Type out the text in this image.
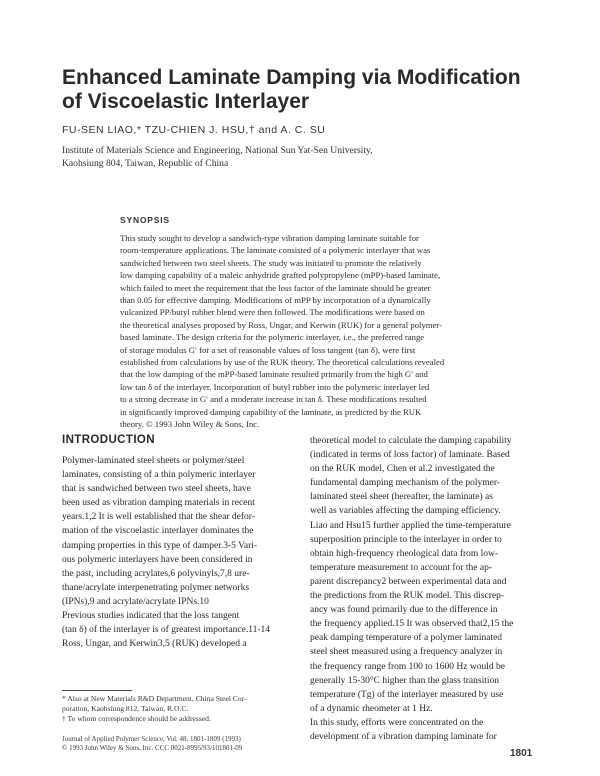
Enhanced Laminate Damping via Modification
of Viscoelastic Interlayer
FU-SEN LIAO,* TZU-CHIEN J. HSU,† and A. C. SU
Institute of Materials Science and Engineering, National Sun Yat-Sen University,
Kaohsiung 804, Taiwan, Republic of China
SYNOPSIS
This study sought to develop a sandwich-type vibration damping laminate suitable for
room-temperature applications. The laminate consisted of a polymeric interlayer that was
sandwiched between two steel sheets. The study was initiated to promote the relatively
low damping capability of a maleic anhydride grafted polypropylene (mPP)-based laminate,
which failed to meet the requirement that the loss factor of the laminate should be greater
than 0.05 for effective damping. Modifications of mPP by incorporation of a dynamically
vulcanized PP/butyl rubber blend were then followed. The modifications were based on
the theoretical analyses proposed by Ross, Ungar, and Kerwin (RUK) for a general polymer-
based laminate. The design criteria for the polymeric interlayer, i.e., the preferred range
of storage modulus G′ for a set of reasonable values of loss tangent (tan δ), were first
established from calculations by use of the RUK theory. The theoretical calculations revealed
that the low damping of the mPP-based laminate resulted primarily from the high G′ and
low tan δ of the interlayer. Incorporation of butyl rubber into the polymeric interlayer led
to a strong decrease in G′ and a moderate increase in tan δ. These modifications resulted
in significantly improved damping capability of the laminate, as predicted by the RUK
theory. © 1993 John Wiley & Sons, Inc.
INTRODUCTION
Polymer-laminated steel sheets or polymer/steel
laminates, consisting of a thin polymeric interlayer
that is sandwiched between two steel sheets, have
been used as vibration damping materials in recent
years.1,2 It is well established that the shear defor-
mation of the viscoelastic interlayer dominates the
damping properties in this type of damper.3-5 Vari-
ous polymeric interlayers have been considered in
the past, including acrylates,6 polyvinyls,7,8 ure-
thane/acrylate interpenetrating polymer networks
(IPNs),9 and acrylate/acrylate IPNs.10
Previous studies indicated that the loss tangent
(tan δ) of the interlayer is of greatest importance.11-14
Ross, Ungar, and Kerwin3,5 (RUK) developed a
theoretical model to calculate the damping capability
(indicated in terms of loss factor) of laminate. Based
on the RUK model, Chen et al.2 investigated the
fundamental damping mechanism of the polymer-
laminated steel sheet (hereafter, the laminate) as
well as variables affecting the damping efficiency.
Liao and Hsu15 further applied the time-temperature
superposition principle to the interlayer in order to
obtain high-frequency rheological data from low-
temperature measurement to account for the ap-
parent discrepancy2 between experimental data and
the predictions from the RUK model. This discrep-
ancy was found primarily due to the difference in
the frequency applied.15 It was observed that2,15 the
peak damping temperature of a polymer laminated
steel sheet measured using a frequency analyzer in
the frequency range from 100 to 1600 Hz would be
generally 15-30°C higher than the glass transition
temperature (Tg) of the interlayer measured by use
of a dynamic rheometer at 1 Hz.
In this study, efforts were concentrated on the
development of a vibration damping laminate for
* Also at New Materials R&D Department, China Steel Cor-
poration, Kaohsiung 812, Taiwan, R.O.C.
† To whom correspondence should be addressed.
Journal of Applied Polymer Science, Vol. 48, 1801-1809 (1993)
© 1993 John Wiley & Sons, Inc. CCC 0021-8995/93/101801-09
1801
